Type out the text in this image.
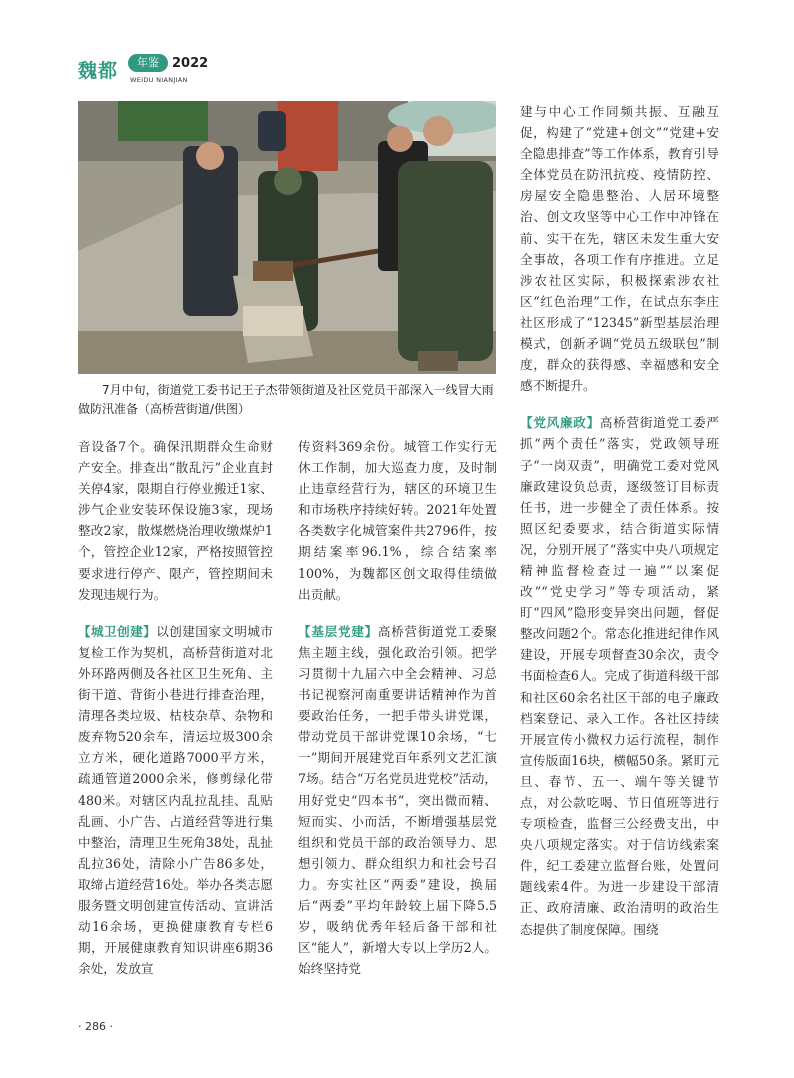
魏都	年鉴	2022
WEIDU NIANJIAN
7月中旬，街道党工委书记王子杰带领街道及社区党员干部深入一线冒大雨做防汛准备（高桥营街道/供图）

音设备7个。确保汛期群众生命财产安全。排查出“散乱污”企业直封关停4家，限期自行停业搬迁1家、涉气企业安装环保设施3家，现场整改2家，散煤燃烧治理收缴煤炉1个，管控企业12家，严格按照管控要求进行停产、限产，管控期间未发现违规行为。

【城卫创建】以创建国家文明城市复检工作为契机，高桥营街道对北外环路两侧及各社区卫生死角、主街干道、背街小巷进行排查治理，清理各类垃圾、枯枝杂草、杂物和废弃物520余车，清运垃圾300余立方米，硬化道路7000平方米，疏通管道2000余米，修剪绿化带480米。对辖区内乱拉乱挂、乱贴乱画、小广告、占道经营等进行集中整治，清理卫生死角38处，乱扯乱拉36处，清除小广告86多处，取缔占道经营16处。举办各类志愿服务暨文明创建宣传活动、宣讲活动16余场，更换健康教育专栏6期，开展健康教育知识讲座6期36余处，发放宣

传资料369余份。城管工作实行无休工作制，加大巡查力度，及时制止违章经营行为，辖区的环境卫生和市场秩序持续好转。2021年处置各类数字化城管案件共2796件，按期结案率96.1%，综合结案率100%，为魏都区创文取得佳绩做出贡献。

【基层党建】高桥营街道党工委聚焦主题主线，强化政治引领。把学习贯彻十九届六中全会精神、习总书记视察河南重要讲话精神作为首要政治任务，一把手带头讲党课，带动党员干部讲党课10余场，“七一”期间开展建党百年系列文艺汇演7场。结合“万名党员进党校”活动，用好党史“四本书”，突出微而精、短而实、小而活，不断增强基层党组织和党员干部的政治领导力、思想引领力、群众组织力和社会号召力。夯实社区“两委”建设，换届后“两委”平均年龄较上届下降5.5岁，吸纳优秀年轻后备干部和社区“能人”，新增大专以上学历2人。始终坚持党

建与中心工作同频共振、互融互促，构建了“党建+创文”“党建+安全隐患排查”等工作体系，教育引导全体党员在防汛抗疫、疫情防控、房屋安全隐患整治、人居环境整治、创文攻坚等中心工作中冲锋在前、实干在先，辖区未发生重大安全事故，各项工作有序推进。立足涉农社区实际，积极探索涉农社区“红色治理”工作，在试点东李庄社区形成了“12345”新型基层治理模式，创新矛调“党员五级联包”制度，群众的获得感、幸福感和安全感不断提升。

【党风廉政】高桥营街道党工委严抓“两个责任”落实，党政领导班子“一岗双责”，明确党工委对党风廉政建设负总责，逐级签订目标责任书，进一步健全了责任体系。按照区纪委要求，结合街道实际情况，分别开展了“落实中央八项规定精神监督检查过一遍”“以案促改”“党史学习”等专项活动，紧盯“四风”隐形变异突出问题，督促整改问题2个。常态化推进纪律作风建设，开展专项督查30余次，责令书面检查6人。完成了街道科级干部和社区60余名社区干部的电子廉政档案登记、录入工作。各社区持续开展宣传小微权力运行流程，制作宣传版面16块，横幅50条。紧盯元旦、春节、五一、端午等关键节点，对公款吃喝、节日值班等进行专项检查，监督三公经费支出，中央八项规定落实。对于信访线索案件，纪工委建立监督台账，处置问题线索4件。为进一步建设干部清正、政府清廉、政治清明的政治生态提供了制度保障。围绕

· 286 ·
